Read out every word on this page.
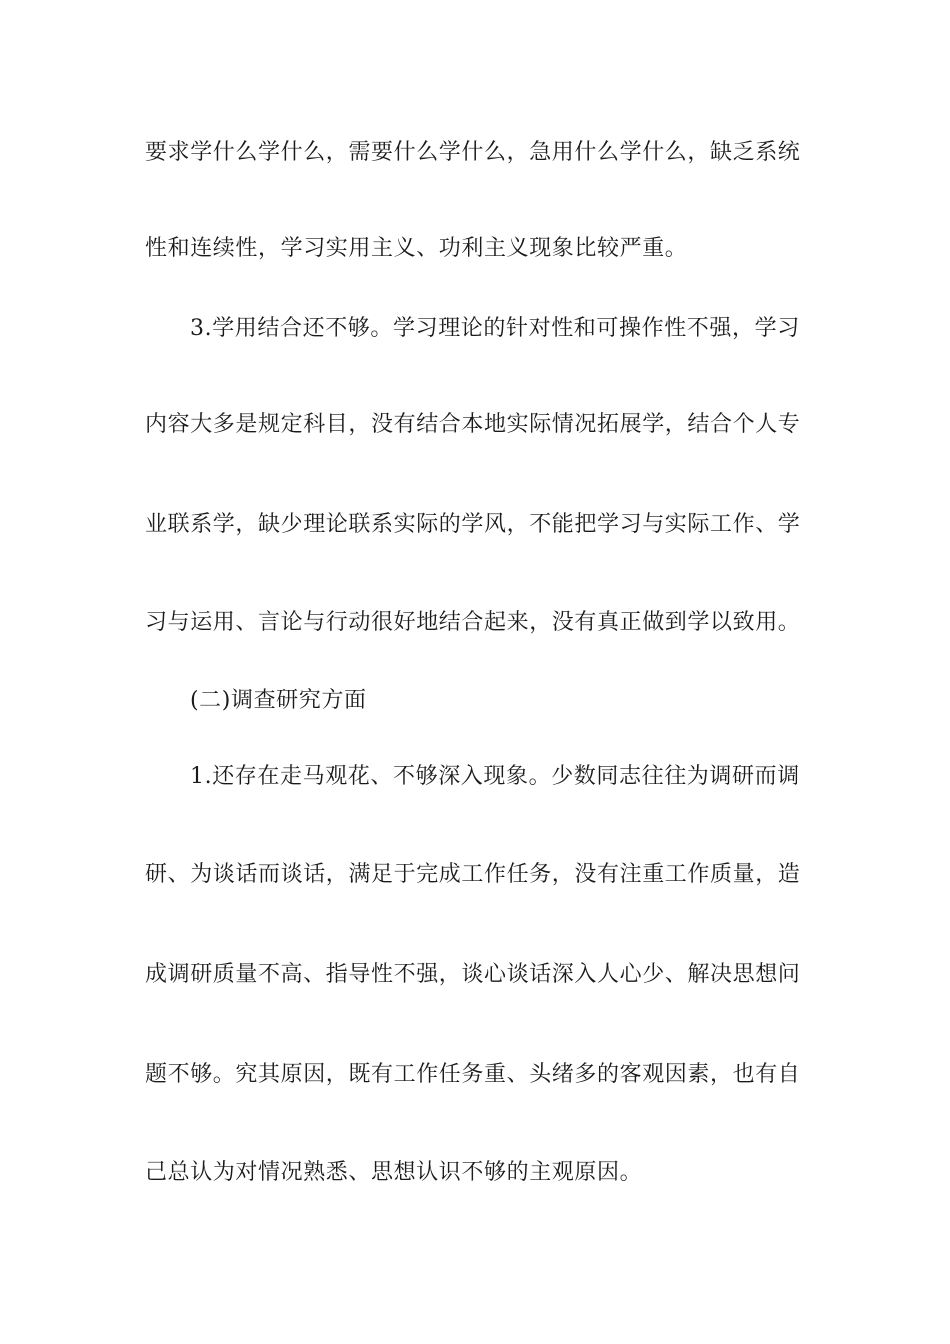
要求学什么学什么，需要什么学什么，急用什么学什么，缺乏系统
性和连续性，学习实用主义、功利主义现象比较严重。
3.学用结合还不够。学习理论的针对性和可操作性不强，学习
内容大多是规定科目，没有结合本地实际情况拓展学，结合个人专
业联系学，缺少理论联系实际的学风，不能把学习与实际工作、学
习与运用、言论与行动很好地结合起来，没有真正做到学以致用。
(二)调查研究方面
1.还存在走马观花、不够深入现象。少数同志往往为调研而调
研、为谈话而谈话，满足于完成工作任务，没有注重工作质量，造
成调研质量不高、指导性不强，谈心谈话深入人心少、解决思想问
题不够。究其原因，既有工作任务重、头绪多的客观因素，也有自
己总认为对情况熟悉、思想认识不够的主观原因。
